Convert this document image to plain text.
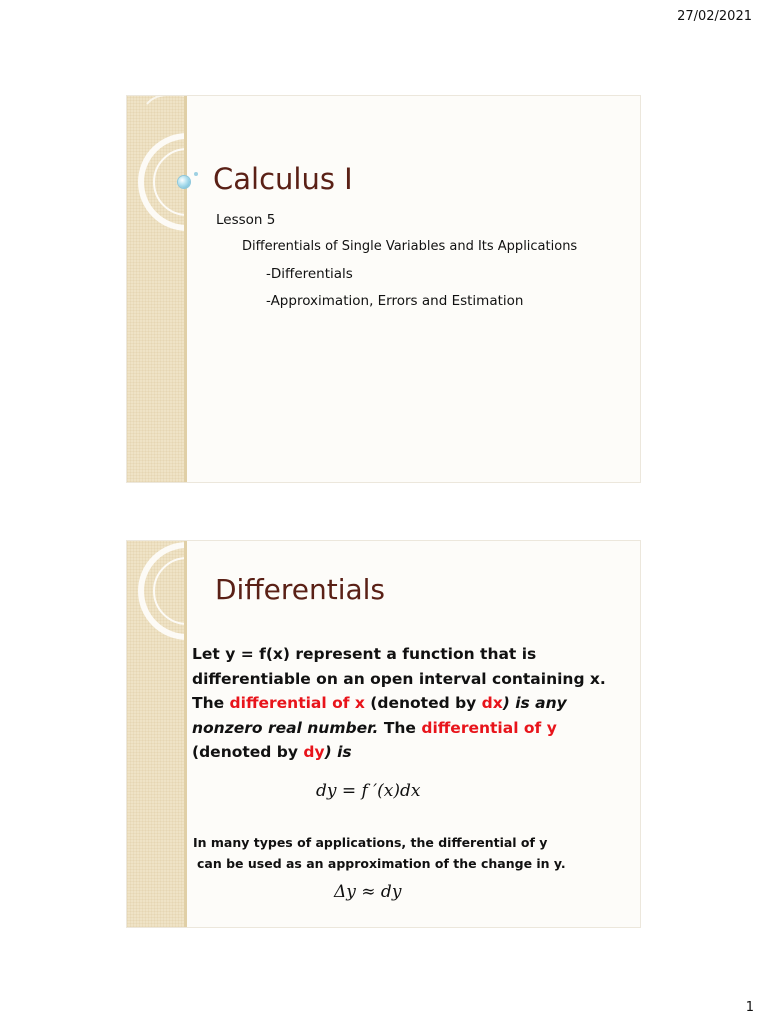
27/02/2021
Calculus I
Lesson 5
Differentials of Single Variables and Its Applications
-Differentials
-Approximation, Errors and Estimation
Differentials
Let y = f(x) represent a function that is differentiable on an open interval containing x. The differential of x (denoted by dx) is any nonzero real number. The differential of y (denoted by dy) is
dy = f ′(x)dx
In many types of applications, the differential of y
can be used as an approximation of the change in y.
Δy ≈ dy
1
